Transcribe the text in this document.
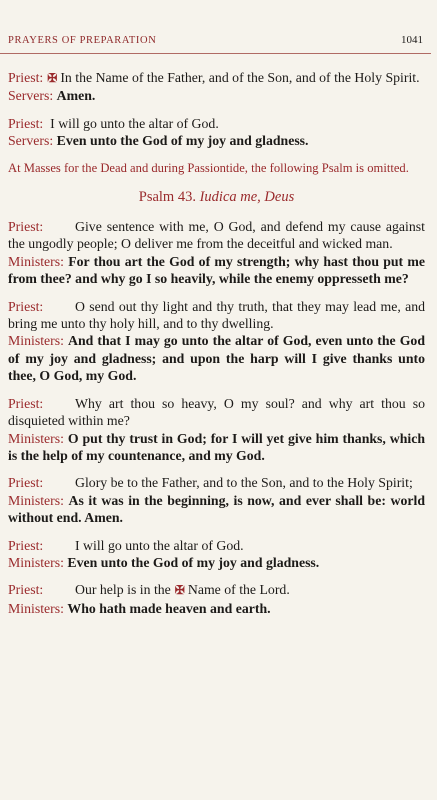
PRAYERS OF PREPARATION	1041

Priest: ✠ In the Name of the Father, and of the Son, and of the Holy Spirit.

Servers: Amen.

Priest: I will go unto the altar of God.

Servers: Even unto the God of my joy and gladness.

At Masses for the Dead and during Passiontide, the following Psalm is omitted.

Psalm 43. Iudica me, Deus

Priest: Give sentence with me, O God, and defend my cause against the ungodly people; O deliver me from the deceitful and wicked man.

Ministers: For thou art the God of my strength; why hast thou put me from thee? and why go I so heavily, while the enemy oppresseth me?

Priest: O send out thy light and thy truth, that they may lead me, and bring me unto thy holy hill, and to thy dwelling.

Ministers: And that I may go unto the altar of God, even unto the God of my joy and gladness; and upon the harp will I give thanks unto thee, O God, my God.

Priest: Why art thou so heavy, O my soul? and why art thou so disquieted within me?

Ministers: O put thy trust in God; for I will yet give him thanks, which is the help of my countenance, and my God.

Priest: Glory be to the Father, and to the Son, and to the Holy Spirit;

Ministers: As it was in the beginning, is now, and ever shall be: world without end. Amen.

Priest: I will go unto the altar of God.

Ministers: Even unto the God of my joy and gladness.

Priest: Our help is in the ✠ Name of the Lord.

Ministers: Who hath made heaven and earth.
